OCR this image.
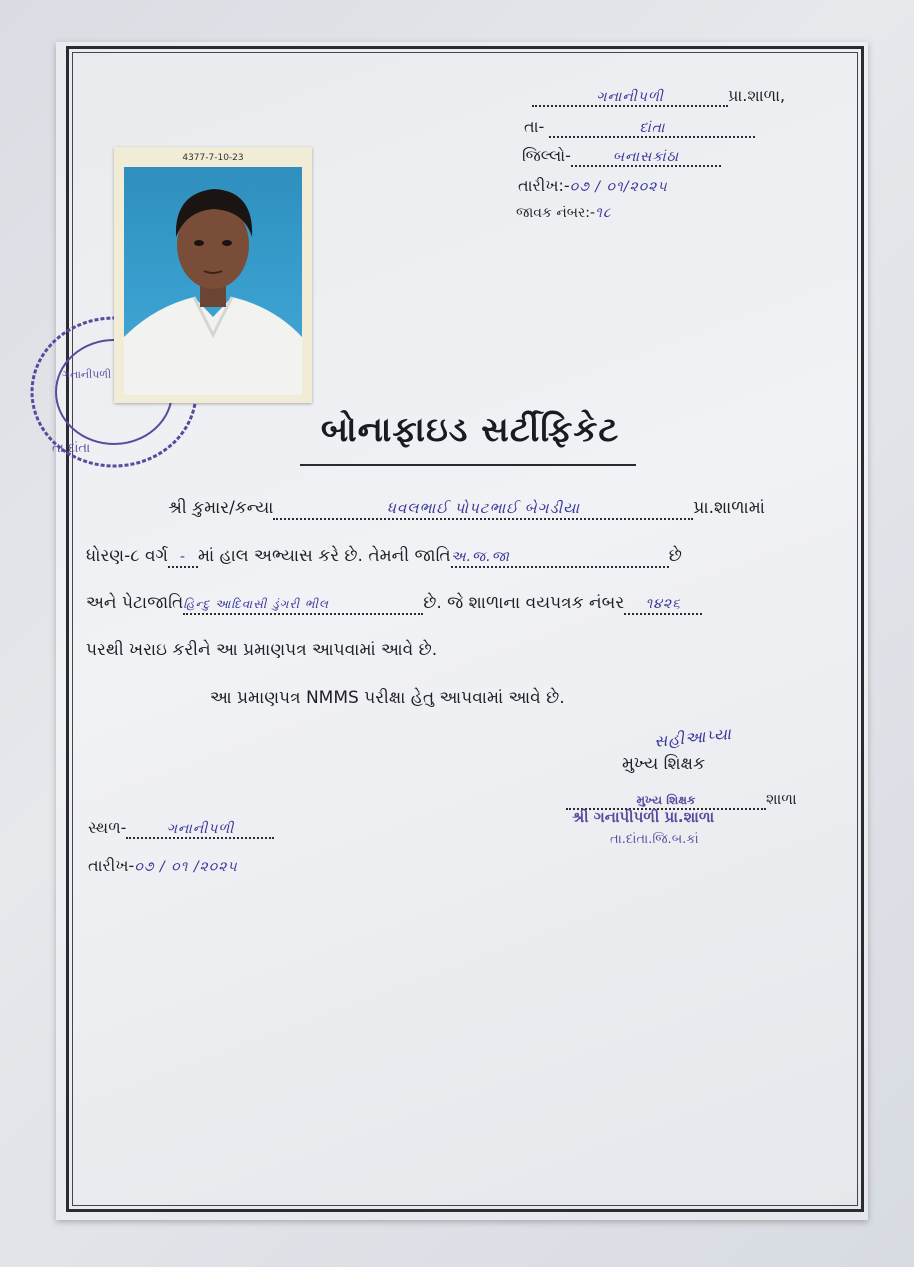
ગનાનીપળી	પ્રા.શાળા,
તા-	દાંતા
જિલ્લો-	બનાસકાંઠા
તારીખ:-૦૭ / ૦૧/૨૦૨૫
જાવક નંબર:-૧૮
ગનાનીપળી
તા.દાંતા
4377-7-10-23
બોનાફાઇડ સર્ટીફિકેટ
શ્રી કુમાર/કન્યા	ધવલભાઈ પોપટભાઈ બેગડીયા	પ્રા.શાળામાં
ધોરણ-૮ વર્ગ - માં હાલ અભ્યાસ કરે છે. તેમની જાતિઅ.જ.જા	છે
અને પેટાજાતિહિન્દુ આદિવાસી ડુંગરી ભીલ	છે. જે શાળાના વયપત્રક નંબર ૧૪૨૬
પરથી ખરાઇ કરીને આ પ્રમાણપત્ર આપવામાં આવે છે.
આ પ્રમાણપત્ર NMMS પરીક્ષા હેતુ આપવામાં આવે છે.
સહીઆપ્યા
મુખ્ય શિક્ષક
મુખ્ય શિક્ષક	શાળા
શ્રી ગનાપીપળી પ્રા.શાળા
તા.દાંતા.જિ.બ.કાં
સ્થળ-	ગનાનીપળી
તારીખ-૦૭ / ૦૧ /૨૦૨૫
